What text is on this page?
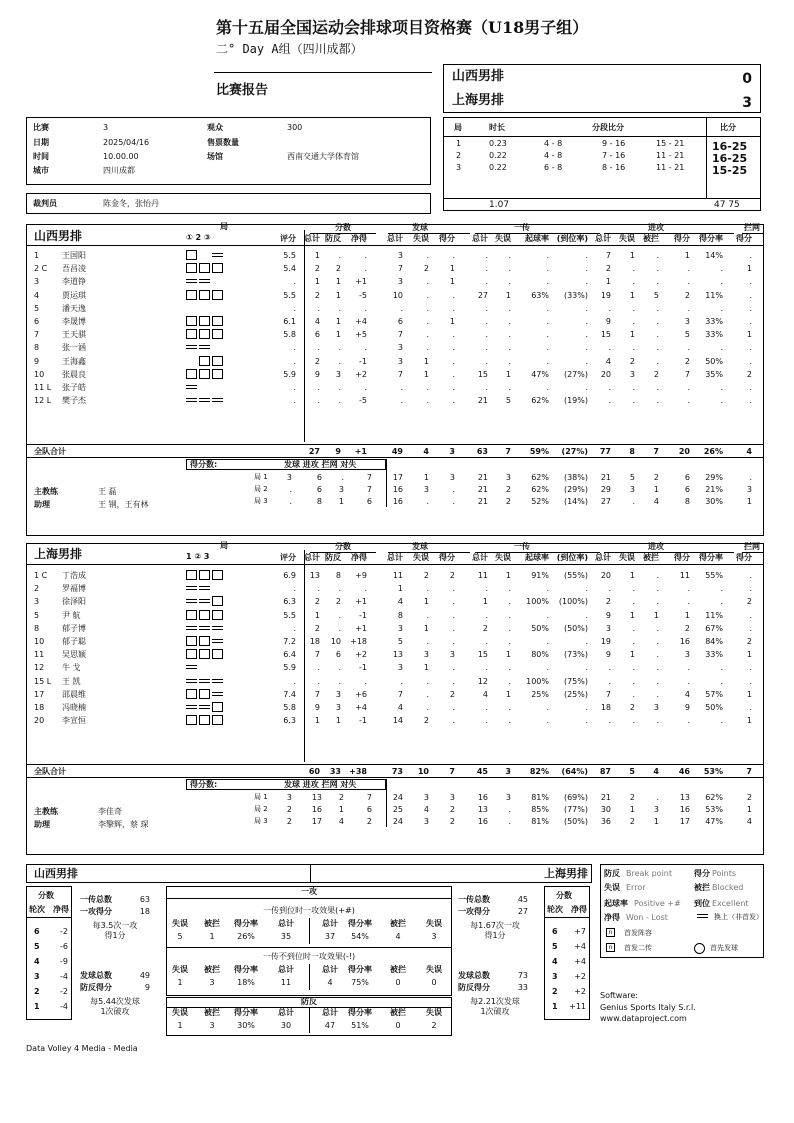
第十五届全国运动会排球项目资格赛（U18男子组）
二° Day A组（四川成都）
比赛报告
山西男排
上海男排
0
3
比赛	3
日期	2025/04/16
时间	10.00.00
城市	四川成都
观众	300
售票数量
场馆	西南交通大学体育馆
裁判员	陈金冬，张怡丹
局	时长	分段比分	比分
1.07	47 75
1	0.23	4 - 8	9 - 16	15 - 21	16-25
2	0.22	4 - 8	7 - 16	11 - 21	16-25
3	0.22	6 - 8	8 - 16	11 - 21	15-25
山西男排
上海男排
山西男排	上海男排
分数
轮次 净得
分数
轮次 净得
一传总数	63
一攻得分	18
每3.5次一攻
得1分
发球总数	49
防反得分	9
每5.44次发球
1次破攻
一传总数	45
一攻得分	27
每1.67次一攻
得1分
发球总数	73
防反得分	33
每2.21次发球
1次破攻
一攻
一传到位时一攻效果(+#)
一传不到位时一攻效果(-!)
防反
防反 Break point	得分 Points
失误 Error	被拦 Blocked
起球率 Positive +# 到位 Excellent
净得 Won - Lost	换上（非首发）
n	首发阵容
n	首发二传	首先发球
Software:
Genius Sports Italy S.r.l.
www.dataproject.com
Data Volley 4 Media - Media
局
① 2 ③
分数	发球	一传	进攻	拦网
评分	总计 防反	净得	总计	失误	得分	总计 失误	起球率 (到位率) 总计	失误	被拦	得分	得分率	得分
1	王国阳	5.5	1	.	.	3	.	.	.	.	.	.	7	1	.	1	14%	.
2 C 吾昌凌	5.4	2	2	.	7	2	1	.	.	.	.	2	.	.	.	.	1
3	李道铮	.	1	1	+1	3	.	1	.	.	.	.	1	.	.	.	.	.
4	贾运琪	5.5	2	1	-5	10	.	.	27	1	63%	(33%)	19	1	5	2	11%	.
5	潘天逸	.	.	.	.	.	.	.	.	.	.	.	.	.	.	.	.	.
6	李晟博	6.1	4	1	+4	6	.	1	.	.	.	.	9	.	.	3	33%	.
7	王天骐	5.8	6	1	+5	7	.	.	.	.	.	.	15	1	.	5	33%	1
8	张一涵	.	.	.	.	3	.	.	.	.	.	.	.	.	.	.	.	.
9	王海鑫	.	2	.	-1	3	1	.	.	.	.	.	4	2	.	2	50%	.
10 张晨良	5.9	9	3	+2	7	1	.	15	1	47%	(27%)	20	3	2	7	35%	2
11 L 张子皓	.	.	.	.	.	.	.	.	.	.	.	.	.	.	.	.	.
12 L 樊子杰	.	.	.	-5	.	.	.	21	5	62%	(19%)	.	.	.	.	.	.
全队合计	27	9	+1	49	4	3	63	7	59%	(27%)	77	8	7	20	26%	4
得分数:	发球 进攻 拦网 对失
局 1	3	6	.	7	17	1	3	21	3	62%	(38%)	21	5	2	6	29%	.
局 2	.	6	3	7	16	3	.	21	2	62%	(29%)	29	3	1	6	21%	3
局 3	.	8	1	6	16	.	.	21	2	52%	(14%)	27	.	4	8	30%	1
主教练	王 磊
助理	王 钢，王有林
局
1 ② 3
分数	发球	一传	进攻	拦网
评分	总计 防反	净得	总计	失误	得分	总计 失误	起球率 (到位率) 总计	失误	被拦	得分	得分率	得分
1 C 丁浩成	6.9	13	8	+9	11	2	2	11	1	91%	(55%)	20	1	.	11	55%	.
2	罗福博	.	.	.	.	1	.	.	.	.	.	.	.	.	.	.	.	.
3	徐泽阳	6.3	2	2	+1	4	1	.	1	.	100%	(100%)	2	.	.	.	.	2
5	尹 航	5.5	1	.	-1	8	.	.	.	.	.	.	9	1	1	1	11%	.
8	郁子博	.	2	.	+1	3	1	.	2	.	50%	(50%)	3	.	.	2	67%	.
10 郁子聪	7.2	18	10	+18	5	.	.	.	.	.	.	19	.	.	16	84%	2
11 吴思颖	6.4	7	6	+2	13	3	3	15	1	80%	(73%)	9	1	.	3	33%	1
12 牛 戈	5.9	.	.	-1	3	1	.	.	.	.	.	.	.	.	.	.	.
15 L 王 凯	.	.	.	.	.	.	.	12	.	100%	(75%)	.	.	.	.	.	.
17 邵晨维	7.4	7	3	+6	7	.	2	4	1	25%	(25%)	7	.	.	4	57%	1
18 冯晓楠	5.8	9	3	+4	4	.	.	.	.	.	.	18	2	3	9	50%	.
20 李宣恒	6.3	1	1	-1	14	2	.	.	.	.	.	.	.	.	.	.	1
全队合计	60	33	+38	73	10	7	45	3	82%	(64%)	87	5	4	46	53%	7
得分数:	发球 进攻 拦网 对失
局 1	3	13	2	7	24	3	3	16	3	81%	(69%)	21	2	.	13	62%	2
局 2	2	16	1	6	25	4	2	13	.	85%	(77%)	30	1	3	16	53%	1
局 3	2	17	4	2	24	3	2	16	.	81%	(50%)	36	2	1	17	47%	4
主教练	李佳奇
助理	李擎辉，蔡 琛
6	-2
5	-6
4	-9
3	-4
2	-2
1	-4
6	+7
5	+4
4	+4
3	+2
2	+2
1	+11
失误	被拦	得分率	总计	总计	得分率	被拦	失误
5	1	26%	35	37	54%	4	3
失误	被拦	得分率	总计	总计	得分率	被拦	失误
1	3	18%	11	4	75%	0	0
失误	被拦	得分率	总计	总计	得分率	被拦	失误
1	3	30%	30	47	51%	0	2
